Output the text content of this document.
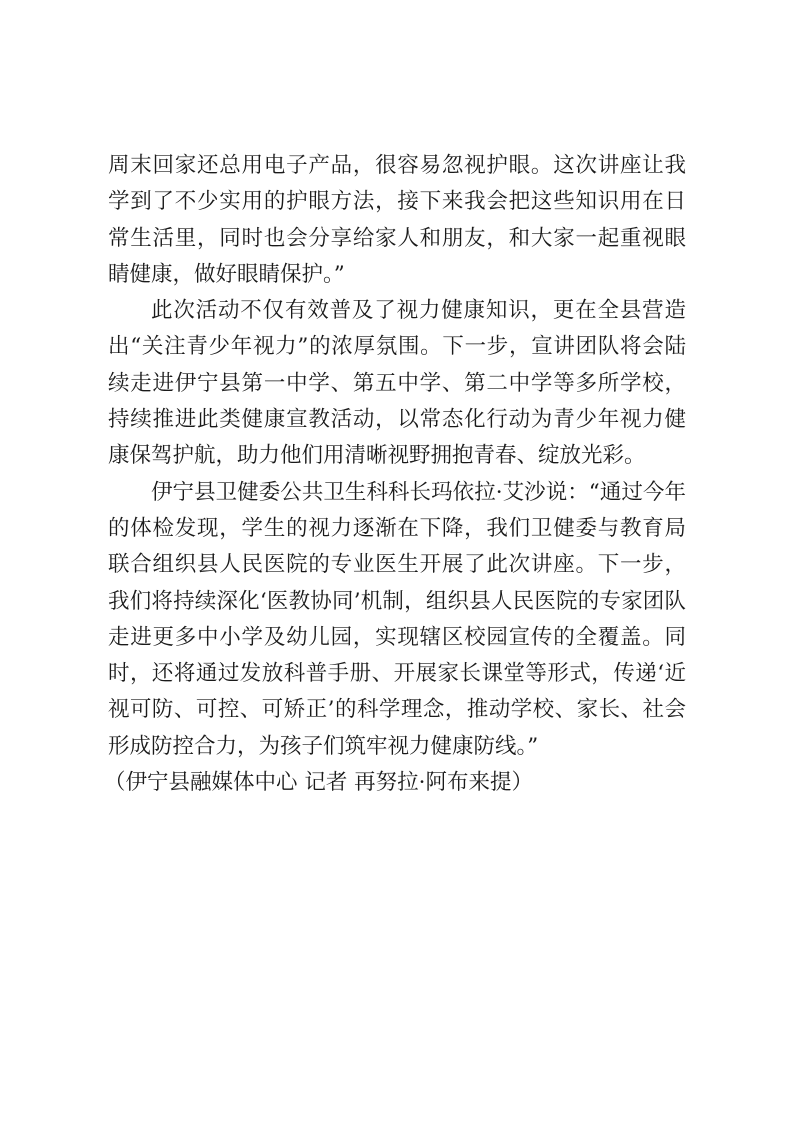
周末回家还总用电子产品，很容易忽视护眼。这次讲座让我学到了不少实用的护眼方法，接下来我会把这些知识用在日常生活里，同时也会分享给家人和朋友，和大家一起重视眼睛健康，做好眼睛保护。”

此次活动不仅有效普及了视力健康知识，更在全县营造出“关注青少年视力”的浓厚氛围。下一步，宣讲团队将会陆续走进伊宁县第一中学、第五中学、第二中学等多所学校，持续推进此类健康宣教活动，以常态化行动为青少年视力健康保驾护航，助力他们用清晰视野拥抱青春、绽放光彩。

伊宁县卫健委公共卫生科科长玛依拉·艾沙说：“通过今年的体检发现，学生的视力逐渐在下降，我们卫健委与教育局联合组织县人民医院的专业医生开展了此次讲座。下一步，我们将持续深化‘医教协同’机制，组织县人民医院的专家团队走进更多中小学及幼儿园，实现辖区校园宣传的全覆盖。同时，还将通过发放科普手册、开展家长课堂等形式，传递‘近视可防、可控、可矫正’的科学理念，推动学校、家长、社会形成防控合力，为孩子们筑牢视力健康防线。”

（伊宁县融媒体中心 记者 再努拉·阿布来提）
